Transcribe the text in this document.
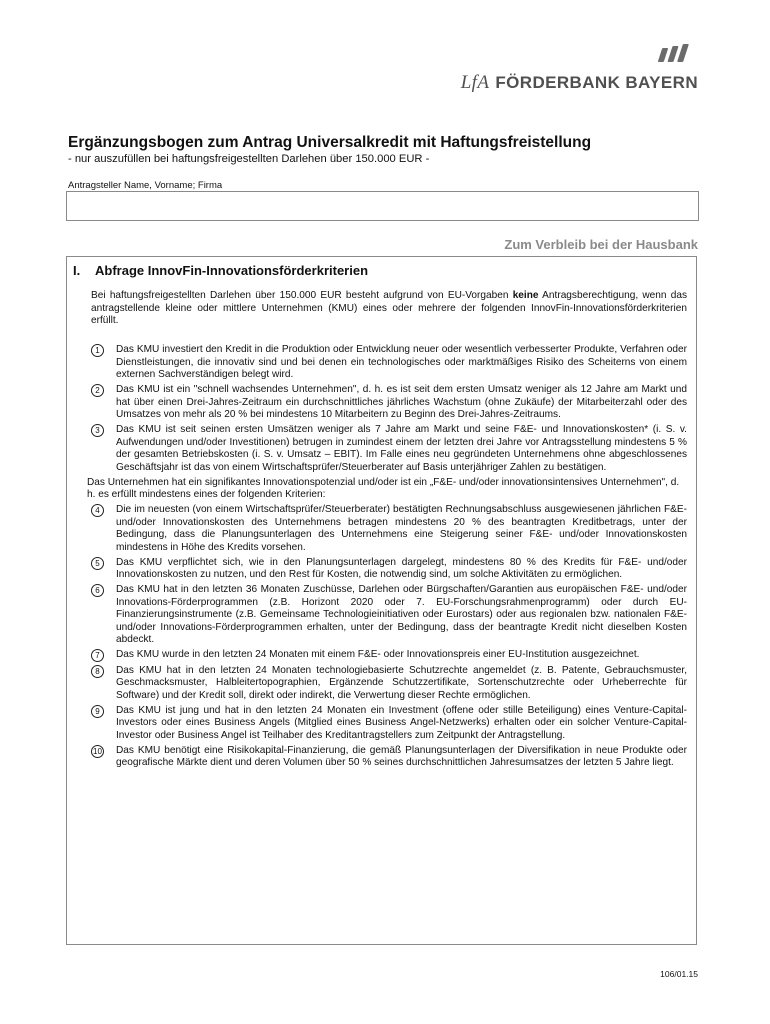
LfA FÖRDERBANK BAYERN
Ergänzungsbogen zum Antrag Universalkredit mit Haftungsfreistellung
- nur auszufüllen bei haftungsfreigestellten Darlehen über 150.000 EUR -
Antragsteller Name, Vorname; Firma
Zum Verbleib bei der Hausbank
I. Abfrage InnovFin-Innovationsförderkriterien
Bei haftungsfreigestellten Darlehen über 150.000 EUR besteht aufgrund von EU-Vorgaben keine Antragsberechtigung, wenn das antragstellende kleine oder mittlere Unternehmen (KMU) eines oder mehrere der folgenden InnovFin-Innovationsförderkriterien erfüllt.
1	Das KMU investiert den Kredit in die Produktion oder Entwicklung neuer oder wesentlich verbesserter Produkte, Verfahren oder Dienstleistungen, die innovativ sind und bei denen ein technologisches oder marktmäßiges Risiko des Scheiterns von einem externen Sachverständigen belegt wird.
2	Das KMU ist ein "schnell wachsendes Unternehmen", d. h. es ist seit dem ersten Umsatz weniger als 12 Jahre am Markt und hat über einen Drei-Jahres-Zeitraum ein durchschnittliches jährliches Wachstum (ohne Zukäufe) der Mitarbeiterzahl oder des Umsatzes von mehr als 20 % bei mindestens 10 Mitarbeitern zu Beginn des Drei-Jahres-Zeitraums.
3	Das KMU ist seit seinen ersten Umsätzen weniger als 7 Jahre am Markt und seine F&E- und Innovationskosten* (i. S. v. Aufwendungen und/oder Investitionen) betrugen in zumindest einem der letzten drei Jahre vor Antragsstellung mindestens 5 % der gesamten Betriebskosten (i. S. v. Umsatz – EBIT). Im Falle eines neu gegründeten Unternehmens ohne abgeschlossenes Geschäftsjahr ist das von einem Wirtschaftsprüfer/Steuerberater auf Basis unterjähriger Zahlen zu bestätigen.
Das Unternehmen hat ein signifikantes Innovationspotenzial und/oder ist ein „F&E- und/oder innovationsintensives Unternehmen", d. h. es erfüllt mindestens eines der folgenden Kriterien:
4	Die im neuesten (von einem Wirtschaftsprüfer/Steuerberater) bestätigten Rechnungsabschluss ausgewiesenen jährlichen F&E- und/oder Innovationskosten des Unternehmens betragen mindestens 20 % des beantragten Kreditbetrags, unter der Bedingung, dass die Planungsunterlagen des Unternehmens eine Steigerung seiner F&E- und/oder Innovationskosten mindestens in Höhe des Kredits vorsehen.
5	Das KMU verpflichtet sich, wie in den Planungsunterlagen dargelegt, mindestens 80 % des Kredits für F&E- und/oder Innovationskosten zu nutzen, und den Rest für Kosten, die notwendig sind, um solche Aktivitäten zu ermöglichen.
6	Das KMU hat in den letzten 36 Monaten Zuschüsse, Darlehen oder Bürgschaften/Garantien aus europäischen F&E- und/oder Innovations-Förderprogrammen (z.B. Horizont 2020 oder 7. EU-Forschungsrahmenprogramm) oder durch EU-Finanzierungsinstrumente (z.B. Gemeinsame Technologieinitiativen oder Eurostars) oder aus regionalen bzw. nationalen F&E- und/oder Innovations-Förderprogrammen erhalten, unter der Bedingung, dass der beantragte Kredit nicht dieselben Kosten abdeckt.
7	Das KMU wurde in den letzten 24 Monaten mit einem F&E- oder Innovationspreis einer EU-Institution ausgezeichnet.
8	Das KMU hat in den letzten 24 Monaten technologiebasierte Schutzrechte angemeldet (z. B. Patente, Gebrauchsmuster, Geschmacksmuster, Halbleitertopographien, Ergänzende Schutzzertifikate, Sortenschutzrechte oder Urheberrechte für Software) und der Kredit soll, direkt oder indirekt, die Verwertung dieser Rechte ermöglichen.
9	Das KMU ist jung und hat in den letzten 24 Monaten ein Investment (offene oder stille Beteiligung) eines Venture-Capital-Investors oder eines Business Angels (Mitglied eines Business Angel-Netzwerks) erhalten oder ein solcher Venture-Capital-Investor oder Business Angel ist Teilhaber des Kreditantragstellers zum Zeitpunkt der Antragstellung.
10 Das KMU benötigt eine Risikokapital-Finanzierung, die gemäß Planungsunterlagen der Diversifikation in neue Produkte oder geografische Märkte dient und deren Volumen über 50 % seines durchschnittlichen Jahresumsatzes der letzten 5 Jahre liegt.
106/01.15
